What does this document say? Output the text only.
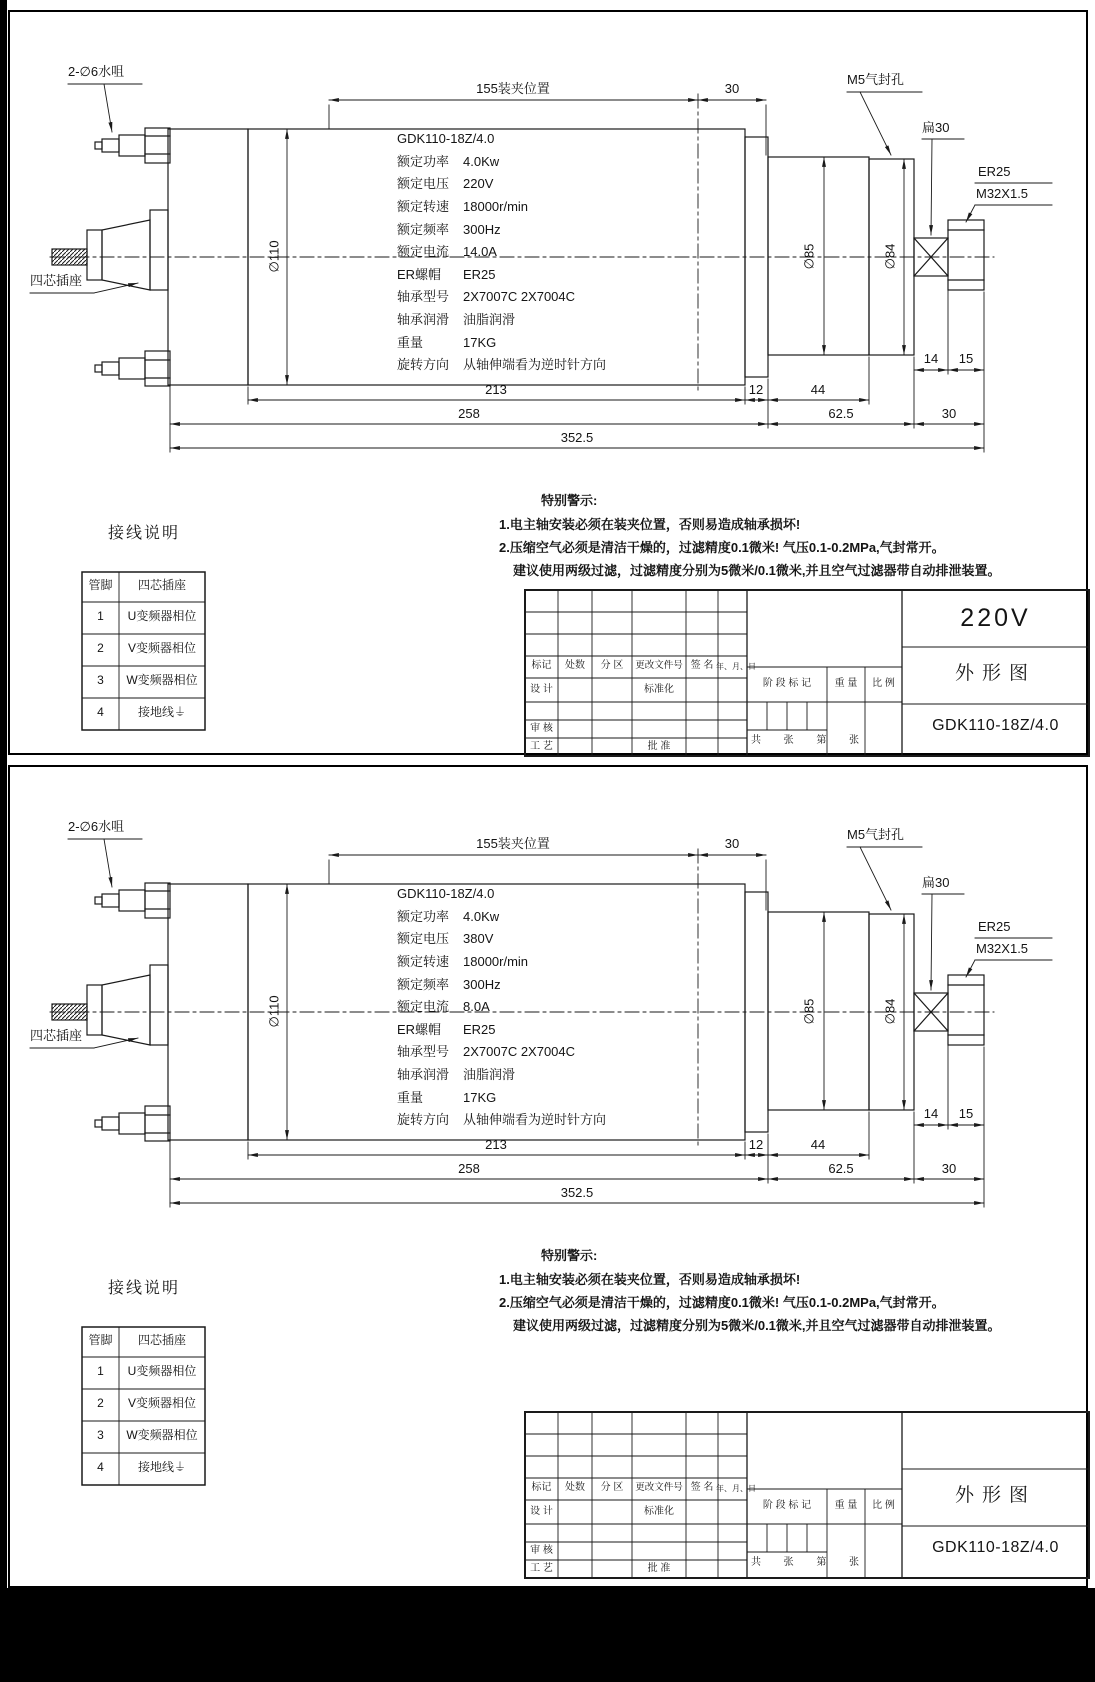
2-∅6水咀
155装夹位置	30
M5气封孔
扁30
ER25
M32X1.5
四芯插座
∅110	∅85	∅84
213	12	44
14	15
258	62.5	30
352.5
GDK110-18Z/4.0
额定功率 4.0Kw
额定电压 220V
额定转速 18000r/min
额定频率 300Hz
额定电流 14.0A
ER螺帽 ER25
轴承型号 2X7007C 2X7004C
轴承润滑 油脂润滑
重量	17KG
旋转方向 从轴伸端看为逆时针方向
特别警示:
1.电主轴安装必须在装夹位置，否则易造成轴承损坏!
2.压缩空气必须是清洁干燥的，过滤精度0.1微米! 气压0.1-0.2MPa,气封常开。
建议使用两级过滤，过滤精度分别为5微米/0.1微米,并且空气过滤器带自动排泄装置。
接线说明
管脚	四芯插座
1	U变频器相位
2	V变频器相位
3	W变频器相位
4	接地线⏚
标记	处数	分 区	更改文件号 签 名 年、月、日
设 计	标准化
审 核
工 艺	批 准
阶 段 标 记	重 量	比 例
共 张 第 张
220V
外形图
GDK110-18Z/4.0
2-∅6水咀
155装夹位置	30
M5气封孔
扁30
ER25
M32X1.5
四芯插座
∅110	∅85	∅84
213	12	44
14	15
258	62.5	30
352.5
GDK110-18Z/4.0
额定功率 4.0Kw
额定电压 380V
额定转速 18000r/min
额定频率 300Hz
额定电流 8.0A
ER螺帽 ER25
轴承型号 2X7007C 2X7004C
轴承润滑 油脂润滑
重量	17KG
旋转方向 从轴伸端看为逆时针方向
特别警示:
1.电主轴安装必须在装夹位置，否则易造成轴承损坏!
2.压缩空气必须是清洁干燥的，过滤精度0.1微米! 气压0.1-0.2MPa,气封常开。
建议使用两级过滤，过滤精度分别为5微米/0.1微米,并且空气过滤器带自动排泄装置。
接线说明
管脚	四芯插座
1	U变频器相位
2	V变频器相位
3	W变频器相位
4	接地线⏚
标记	处数	分 区	更改文件号 签 名 年、月、日
设 计	标准化
审 核
工 艺	批 准
阶 段 标 记	重 量	比 例
共 张 第 张
外形图
GDK110-18Z/4.0
